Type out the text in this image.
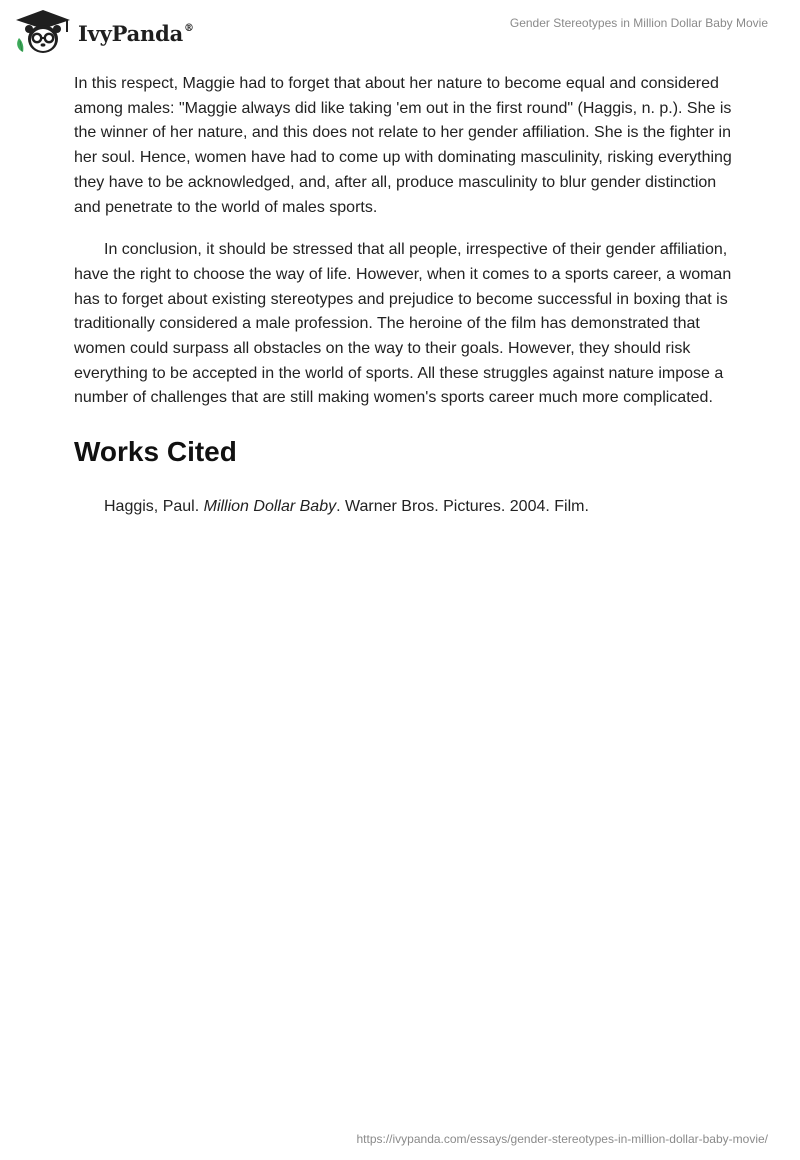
IvyPanda®	Gender Stereotypes in Million Dollar Baby Movie

In this respect, Maggie had to forget that about her nature to become equal and considered among males: "Maggie always did like taking 'em out in the first round" (Haggis, n. p.). She is the winner of her nature, and this does not relate to her gender affiliation. She is the fighter in her soul. Hence, women have had to come up with dominating masculinity, risking everything they have to be acknowledged, and, after all, produce masculinity to blur gender distinction and penetrate to the world of males sports.

In conclusion, it should be stressed that all people, irrespective of their gender affiliation, have the right to choose the way of life. However, when it comes to a sports career, a woman has to forget about existing stereotypes and prejudice to become successful in boxing that is traditionally considered a male profession. The heroine of the film has demonstrated that women could surpass all obstacles on the way to their goals. However, they should risk everything to be accepted in the world of sports. All these struggles against nature impose a number of challenges that are still making women's sports career much more complicated.

Works Cited

Haggis, Paul. Million Dollar Baby. Warner Bros. Pictures. 2004. Film.

https://ivypanda.com/essays/gender-stereotypes-in-million-dollar-baby-movie/
